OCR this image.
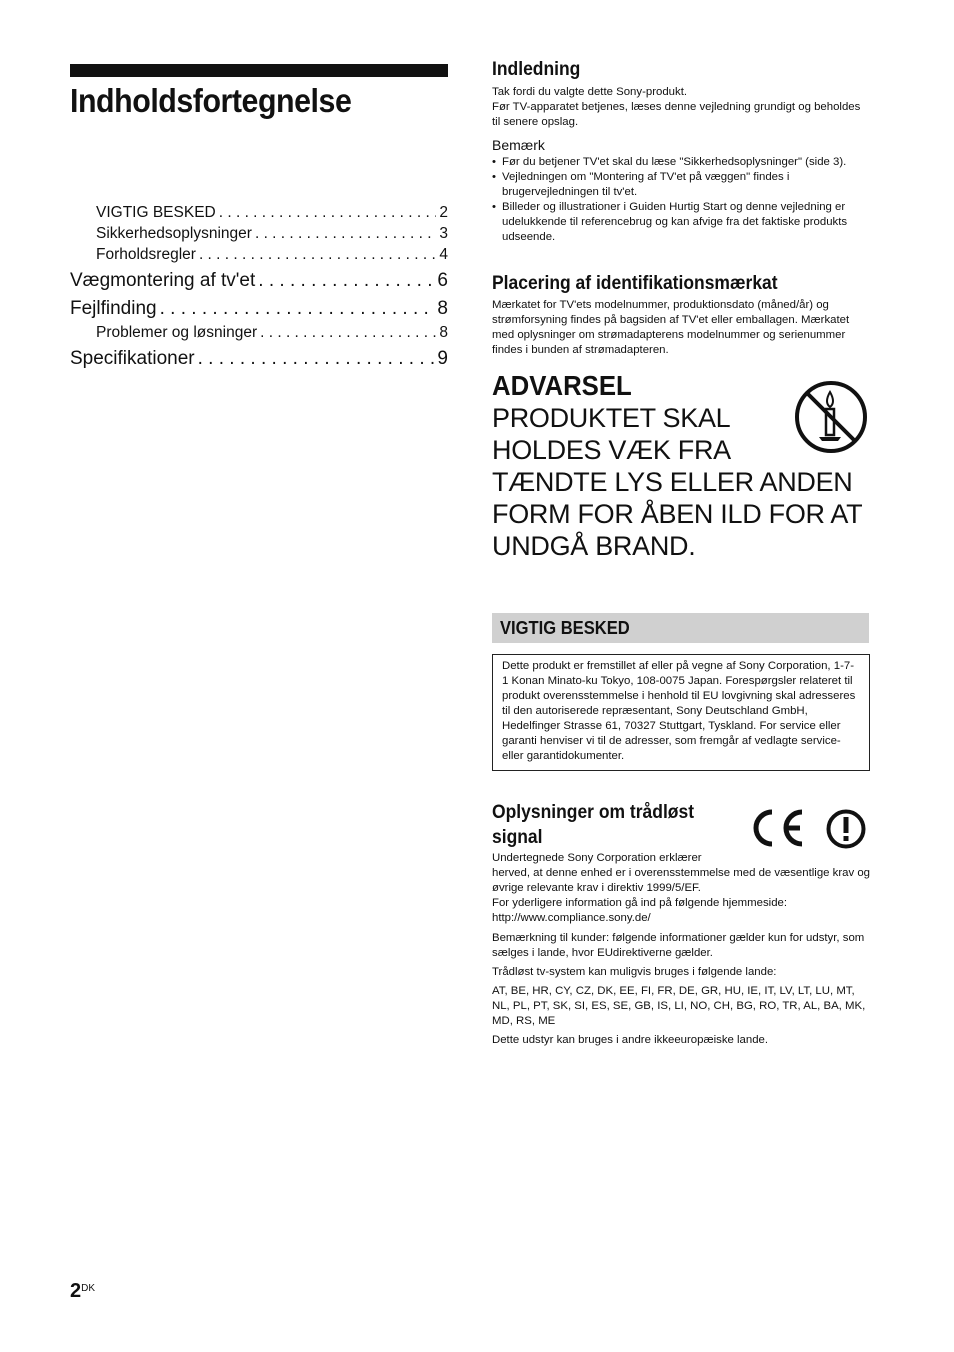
Indholdsfortegnelse
VIGTIG BESKED . . .	2
Sikkerhedsoplysninger . . .	3
Forholdsregler . . .	4
Vægmontering af tv'et . . .	6
Fejlfinding . . .	8
Problemer og løsninger . . .	8
Specifikationer . . .	9
Indledning

Tak fordi du valgte dette Sony-produkt.

Før TV-apparatet betjenes, læses denne vejledning grundigt og beholdes til senere opslag.

Bemærk
• Før du betjener TV'et skal du læse "Sikkerhedsoplysninger" (side 3).
• Vejledningen om "Montering af TV'et på væggen" findes i brugervejledningen til tv'et.
• Billeder og illustrationer i Guiden Hurtig Start og denne vejledning er udelukkende til referencebrug og kan afvige fra det faktiske produkts udseende.
Placering af identifikationsmærkat
Mærkatet for TV'ets modelnummer, produktionsdato (måned/år) og strømforsyning findes på bagsiden af TV'et eller emballagen. Mærkatet med oplysninger om strømadapterens modelnummer og serienummer findes i bunden af strømadapteren.
ADVARSEL
PRODUKTET SKAL
HOLDES VÆK FRA
TÆNDTE LYS ELLER ANDEN
FORM FOR ÅBEN ILD FOR AT
UNDGÅ BRAND.
VIGTIG BESKED
Dette produkt er fremstillet af eller på vegne af Sony Corporation, 1-7-1 Konan Minato-ku Tokyo, 108-0075 Japan. Forespørgsler relateret til produkt overensstemmelse i henhold til EU lovgivning skal adresseres til den autoriserede repræsentant, Sony Deutschland GmbH, Hedelfinger Strasse 61, 70327 Stuttgart, Tyskland. For service eller garanti henviser vi til de adresser, som fremgår af vedlagte service- eller garantidokumenter.
Oplysninger om trådløst
signal

Undertegnede Sony Corporation erklærer

herved, at denne enhed er i overensstemmelse med de væsentlige krav og øvrige relevante krav i direktiv 1999/5/EF.

For yderligere information gå ind på følgende hjemmeside:

http://www.compliance.sony.de/

Bemærkning til kunder: følgende informationer gælder kun for udstyr, som sælges i lande, hvor EUdirektiverne gælder.

Trådløst tv-system kan muligvis bruges i følgende lande:

AT, BE, HR, CY, CZ, DK, EE, FI, FR, DE, GR, HU, IE, IT, LV, LT, LU, MT, NL, PL, PT, SK, SI, ES, SE, GB, IS, LI, NO, CH, BG, RO, TR, AL, BA, MK, MD, RS, ME

Dette udstyr kan bruges i andre ikkeeuropæiske lande.

$2^{DK}$
